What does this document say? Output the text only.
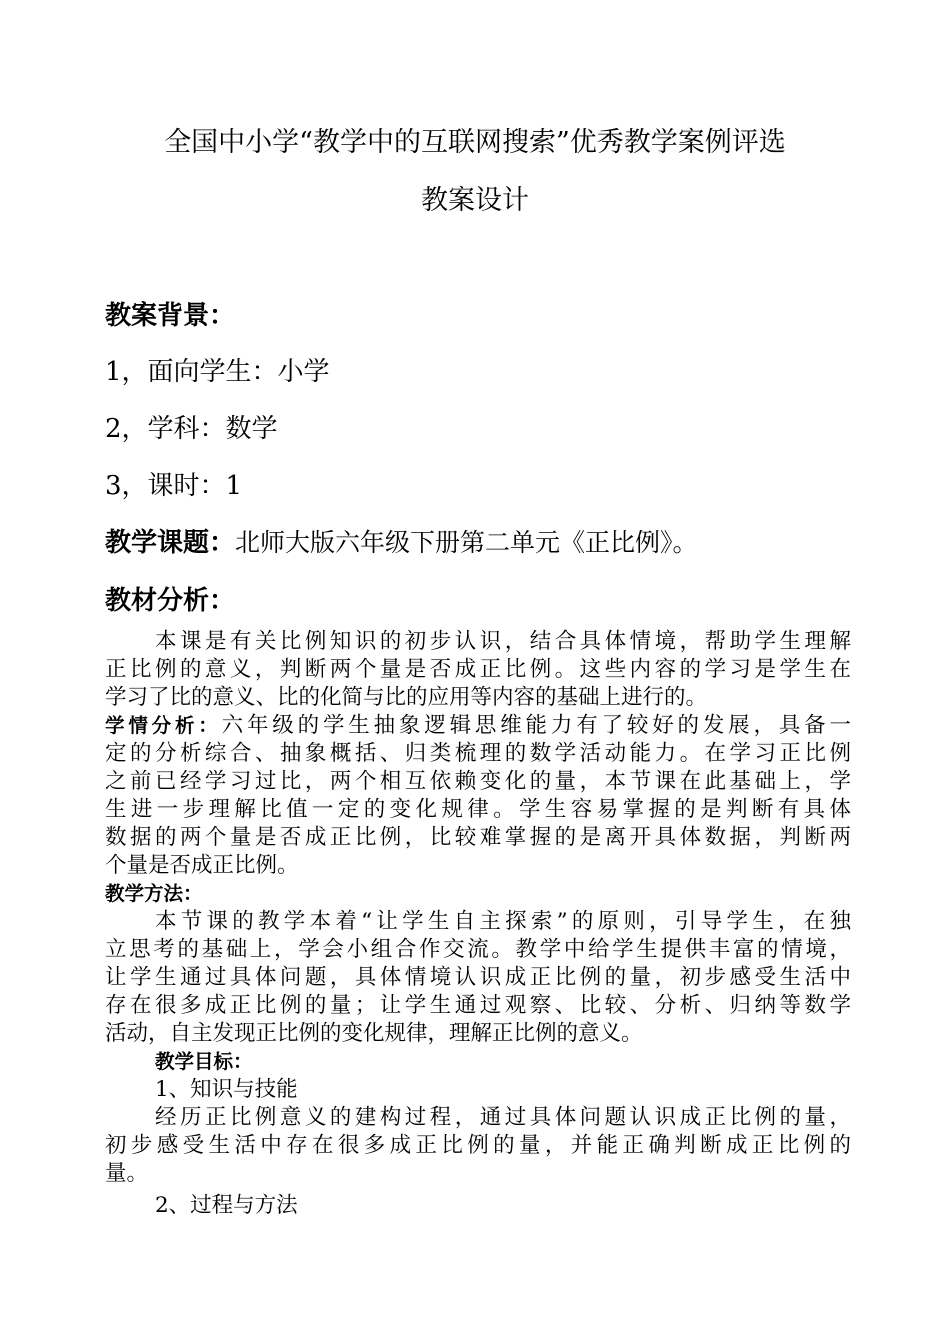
全国中小学“教学中的互联网搜索”优秀教学案例评选
教案设计
教案背景：
1，面向学生：小学
2，学科：数学
3，课时：1
教学课题：北师大版六年级下册第二单元《正比例》。
教材分析：
本课是有关比例知识的初步认识，结合具体情境，帮助学生理解
正比例的意义，判断两个量是否成正比例。这些内容的学习是学生在
学习了比的意义、比的化简与比的应用等内容的基础上进行的。
学情分析：六年级的学生抽象逻辑思维能力有了较好的发展，具备一
定的分析综合、抽象概括、归类梳理的数学活动能力。在学习正比例
之前已经学习过比，两个相互依赖变化的量，本节课在此基础上，学
生进一步理解比值一定的变化规律。学生容易掌握的是判断有具体
数据的两个量是否成正比例，比较难掌握的是离开具体数据，判断两
个量是否成正比例。
教学方法：
本节课的教学本着“让学生自主探索”的原则，引导学生，在独
立思考的基础上，学会小组合作交流。教学中给学生提供丰富的情境，
让学生通过具体问题，具体情境认识成正比例的量，初步感受生活中
存在很多成正比例的量；让学生通过观察、比较、分析、归纳等数学
活动，自主发现正比例的变化规律，理解正比例的意义。
教学目标：
1、知识与技能
经历正比例意义的建构过程，通过具体问题认识成正比例的量，
初步感受生活中存在很多成正比例的量，并能正确判断成正比例的
量。
2、过程与方法
